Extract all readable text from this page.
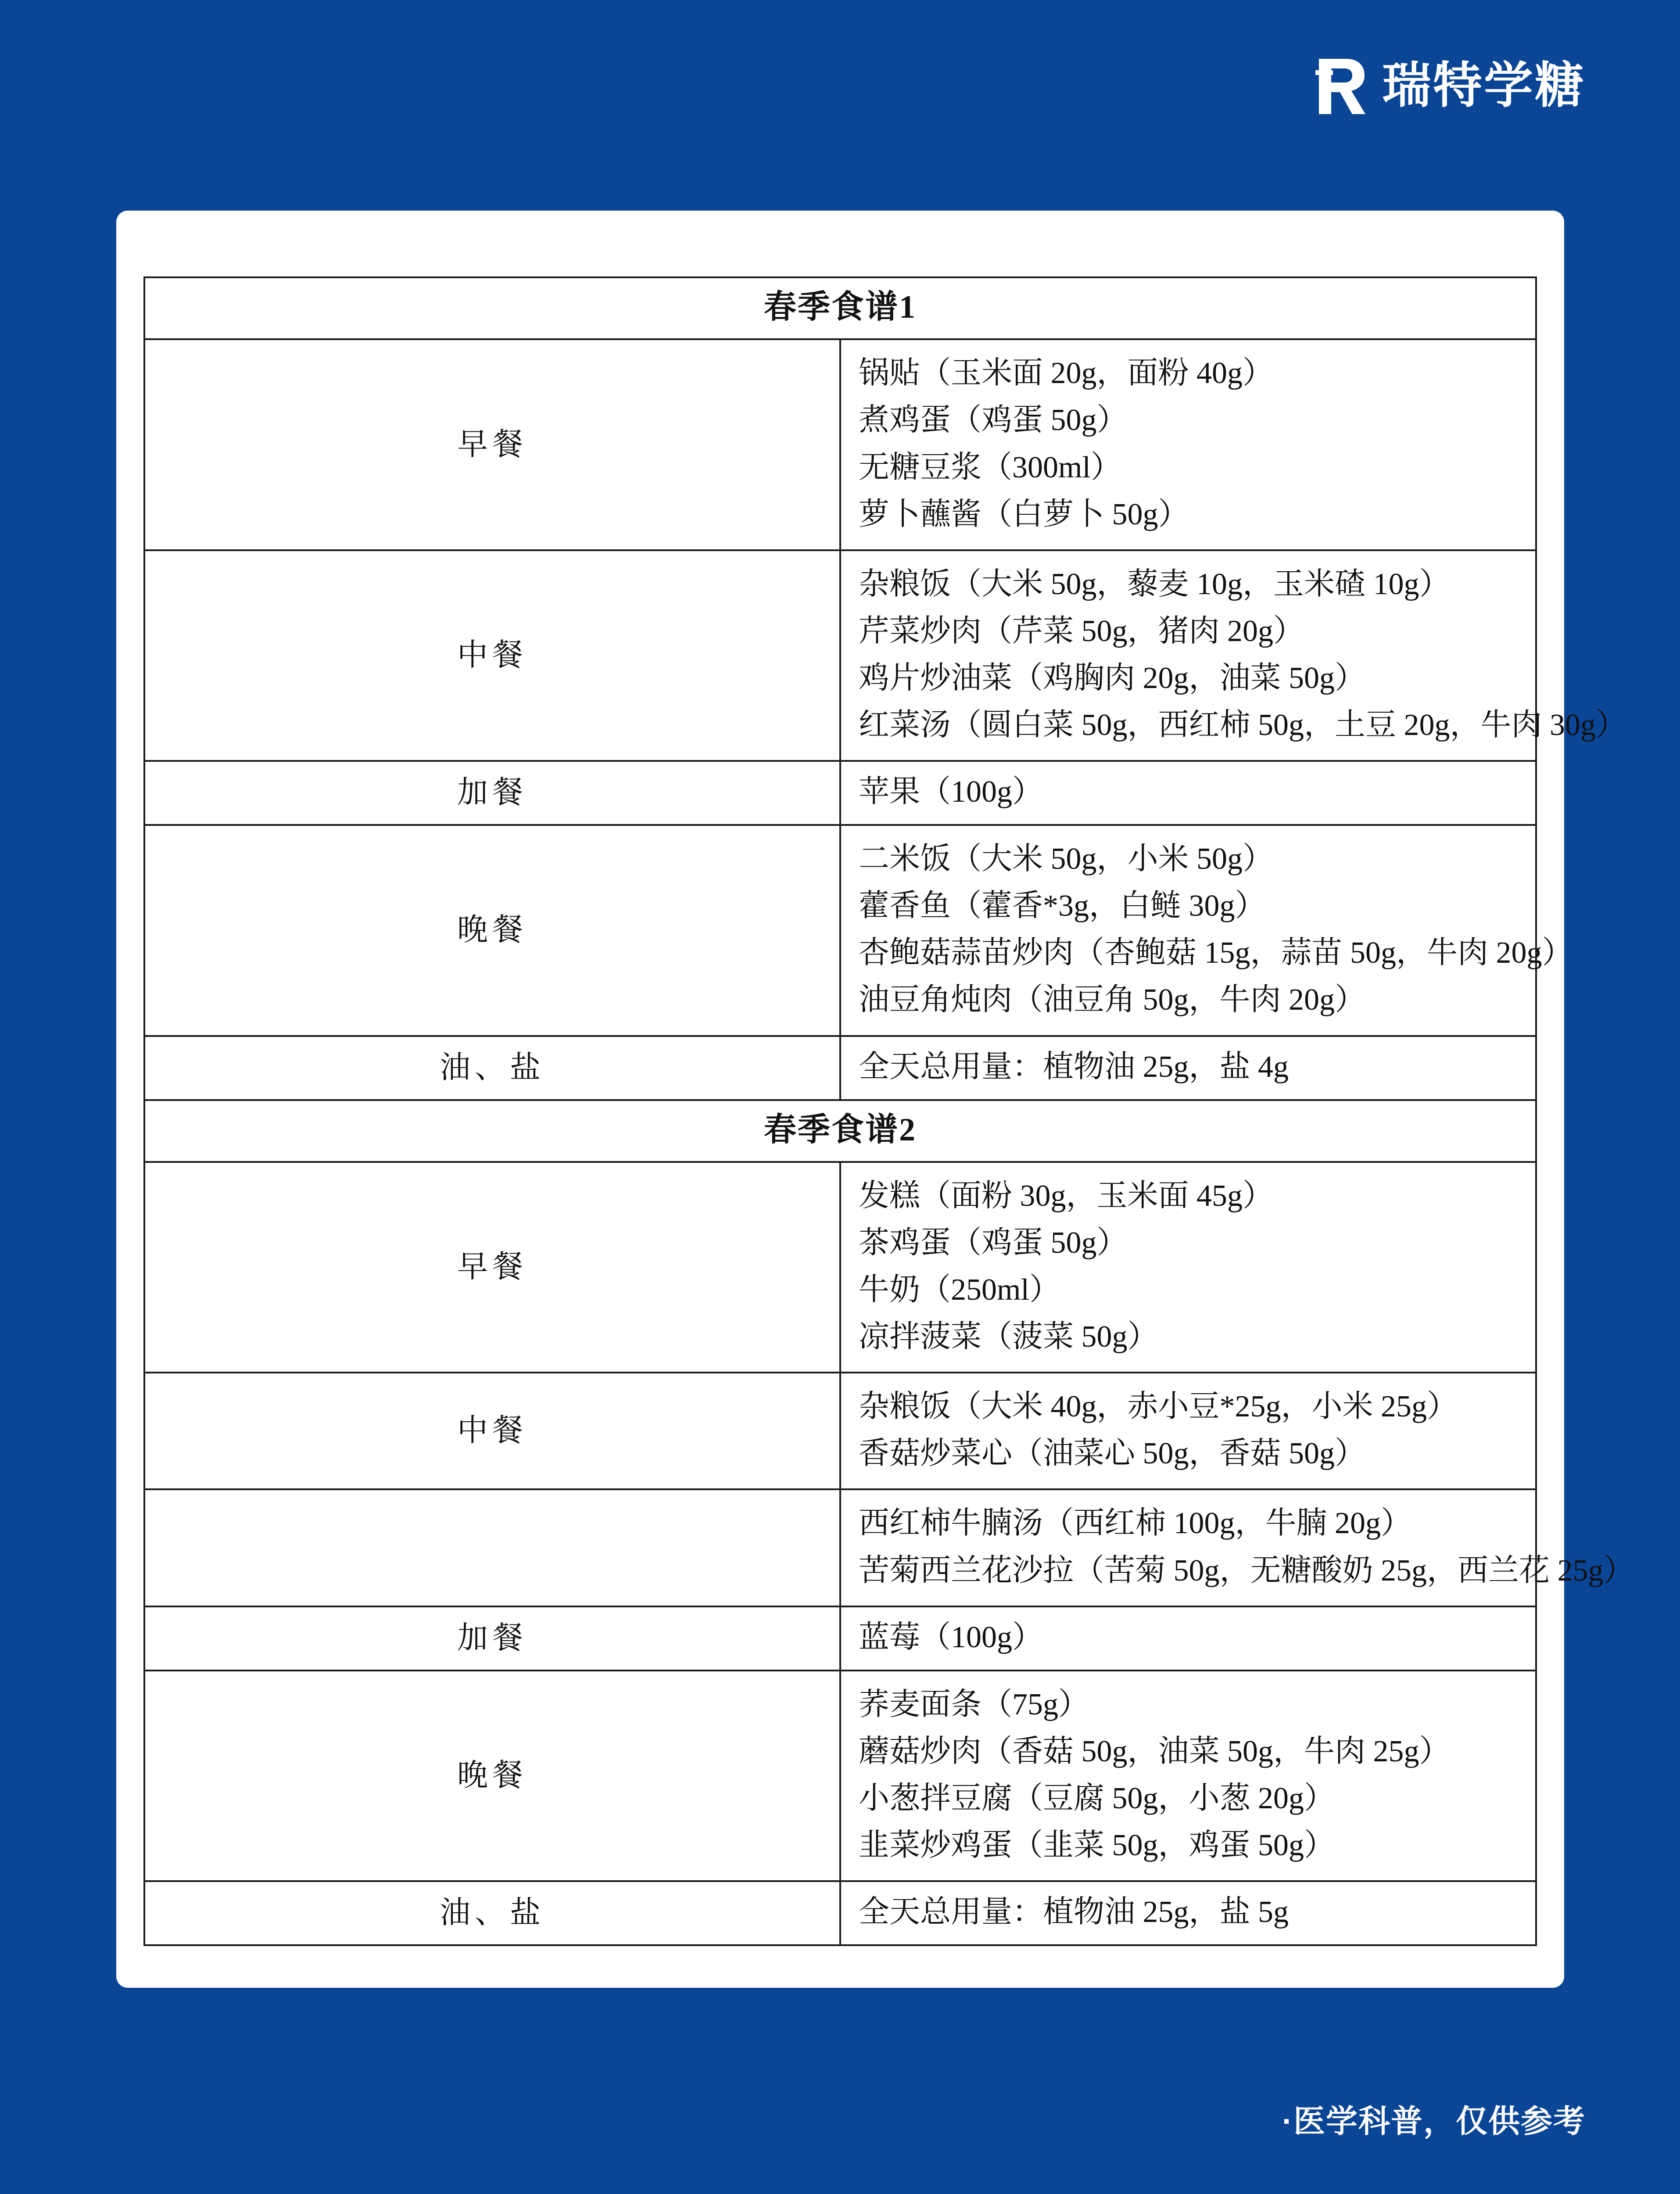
瑞特学糖
春季食谱1	
早餐	锅贴（玉米面 20g，面粉 40g）
煮鸡蛋（鸡蛋 50g）
无糖豆浆（300ml）
萝卜蘸酱（白萝卜 50g）

中餐	杂粮饭（大米 50g，藜麦 10g，玉米碴 10g）
芹菜炒肉（芹菜 50g，猪肉 20g）
鸡片炒油菜（鸡胸肉 20g，油菜 50g）
红菜汤（圆白菜 50g，西红柿 50g，土豆 20g，牛肉 30g）

加餐	苹果（100g）
晚餐	二米饭（大米 50g，小米 50g）
藿香鱼（藿香*3g，白鲢 30g）
杏鲍菇蒜苗炒肉（杏鲍菇 15g，蒜苗 50g，牛肉 20g）
油豆角炖肉（油豆角 50g，牛肉 20g）

油、盐	全天总用量：植物油 25g，盐 4g
春季食谱2	
早餐	发糕（面粉 30g，玉米面 45g）
茶鸡蛋（鸡蛋 50g）
牛奶（250ml）
凉拌菠菜（菠菜 50g）

中餐	杂粮饭（大米 40g，赤小豆*25g，小米 25g）
香菇炒菜心（油菜心 50g，香菇 50g）

	西红柿牛腩汤（西红柿 100g，牛腩 20g）
苦菊西兰花沙拉（苦菊 50g，无糖酸奶 25g，西兰花 25g）

加餐	蓝莓（100g）
晚餐	荞麦面条（75g）
蘑菇炒肉（香菇 50g，油菜 50g，牛肉 25g）
小葱拌豆腐（豆腐 50g，小葱 20g）
韭菜炒鸡蛋（韭菜 50g，鸡蛋 50g）

油、盐	全天总用量：植物油 25g，盐 5g
·医学科普，仅供参考
